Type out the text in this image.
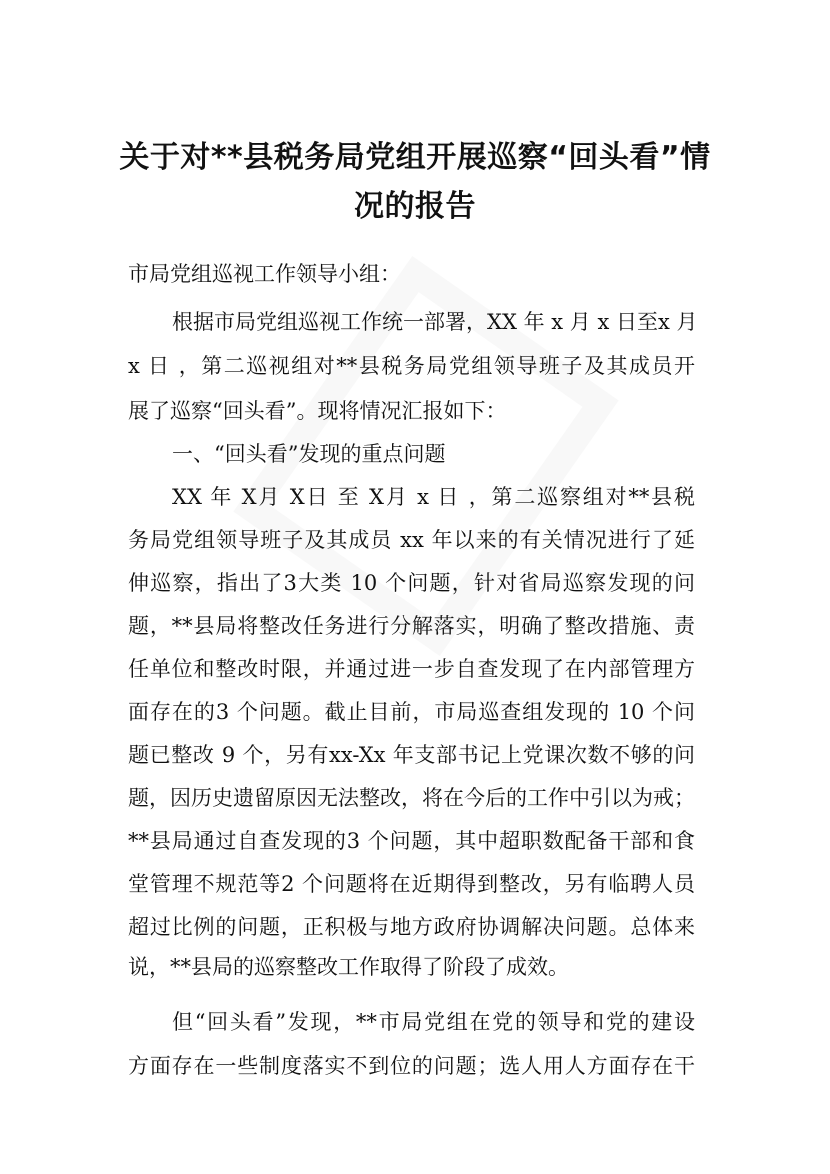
关于对**县税务局党组开展巡察“回头看”情
况的报告
市局党组巡视工作领导小组：
根据市局党组巡视工作统一部署，XX 年 x 月 x 日至x 月
x 日 ，第二巡视组对**县税务局党组领导班子及其成员开
展了巡察“回头看”。现将情况汇报如下：
一、“回头看”发现的重点问题
XX 年 X月 X日 至 X月 x 日 ，第二巡察组对**县税
务局党组领导班子及其成员 xx 年以来的有关情况进行了延
伸巡察，指出了3大类 10 个问题，针对省局巡察发现的问
题，**县局将整改任务进行分解落实，明确了整改措施、责
任单位和整改时限，并通过进一步自查发现了在内部管理方
面存在的3 个问题。截止目前，市局巡查组发现的 10 个问
题已整改 9 个，另有xx-Xx 年支部书记上党课次数不够的问
题，因历史遗留原因无法整改，将在今后的工作中引以为戒；
**县局通过自查发现的3 个问题，其中超职数配备干部和食
堂管理不规范等2 个问题将在近期得到整改，另有临聘人员
超过比例的问题，正积极与地方政府协调解决问题。总体来
说，**县局的巡察整改工作取得了阶段了成效。
但“回头看”发现，**市局党组在党的领导和党的建设
方面存在一些制度落实不到位的问题；选人用人方面存在干
